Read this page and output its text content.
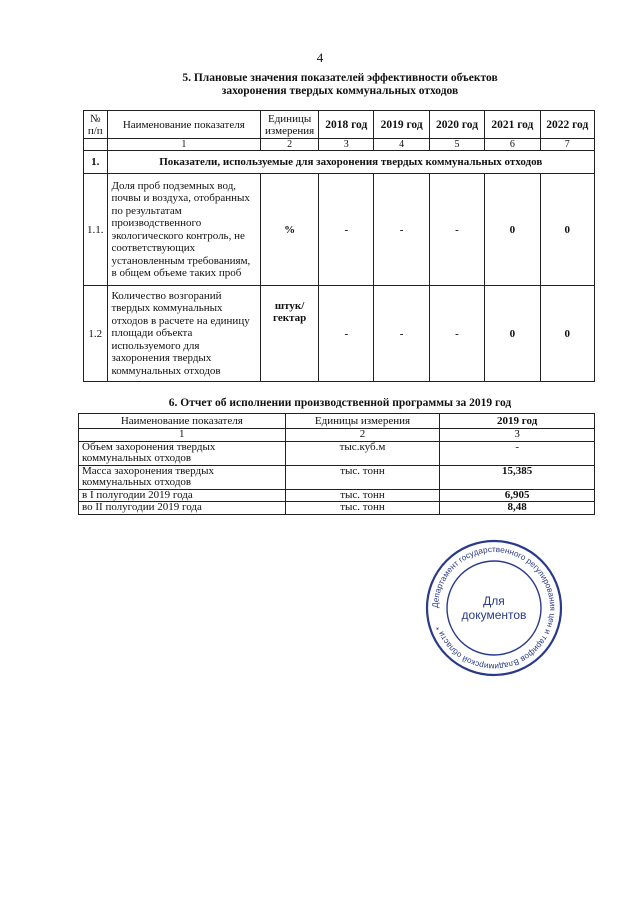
4
5. Плановые значения показателей эффективности объектов
захоронения твердых коммунальных отходов
№ п/п	Наименование показателя	Единицы измерения	2018 год	2019 год	2020 год	2021 год	2022 год
	1	2	3	4	5	6	7
1.	Показатели, используемые для захоронения твердых коммунальных отходов						
1.1.	Доля проб подземных вод, почвы и воздуха, отобранных по результатам производственного экологического контроль, не соответствующих установленным требованиям, в общем объеме таких проб	%	-	-	-	0	0
1.2	Количество возгораний твердых коммунальных отходов в расчете на единицу площади объекта используемого для захоронения твердых коммунальных отходов	штук/ гектар	-	-	-	0	0
6. Отчет об исполнении производственной программы за 2019 год
Наименование показателя	Единицы измерения	2019 год
1	2	3
Объем захоронения твердых коммунальных отходов	тыс.куб.м	-
Масса захоронения твердых коммунальных отходов	тыс. тонн	15,385
в I полугодии 2019 года	тыс. тонн	6,905
во II полугодии 2019 года	тыс. тонн	8,48
Департамент государственного регулирования цен и тарифов Владимирской области *
Для
документов
